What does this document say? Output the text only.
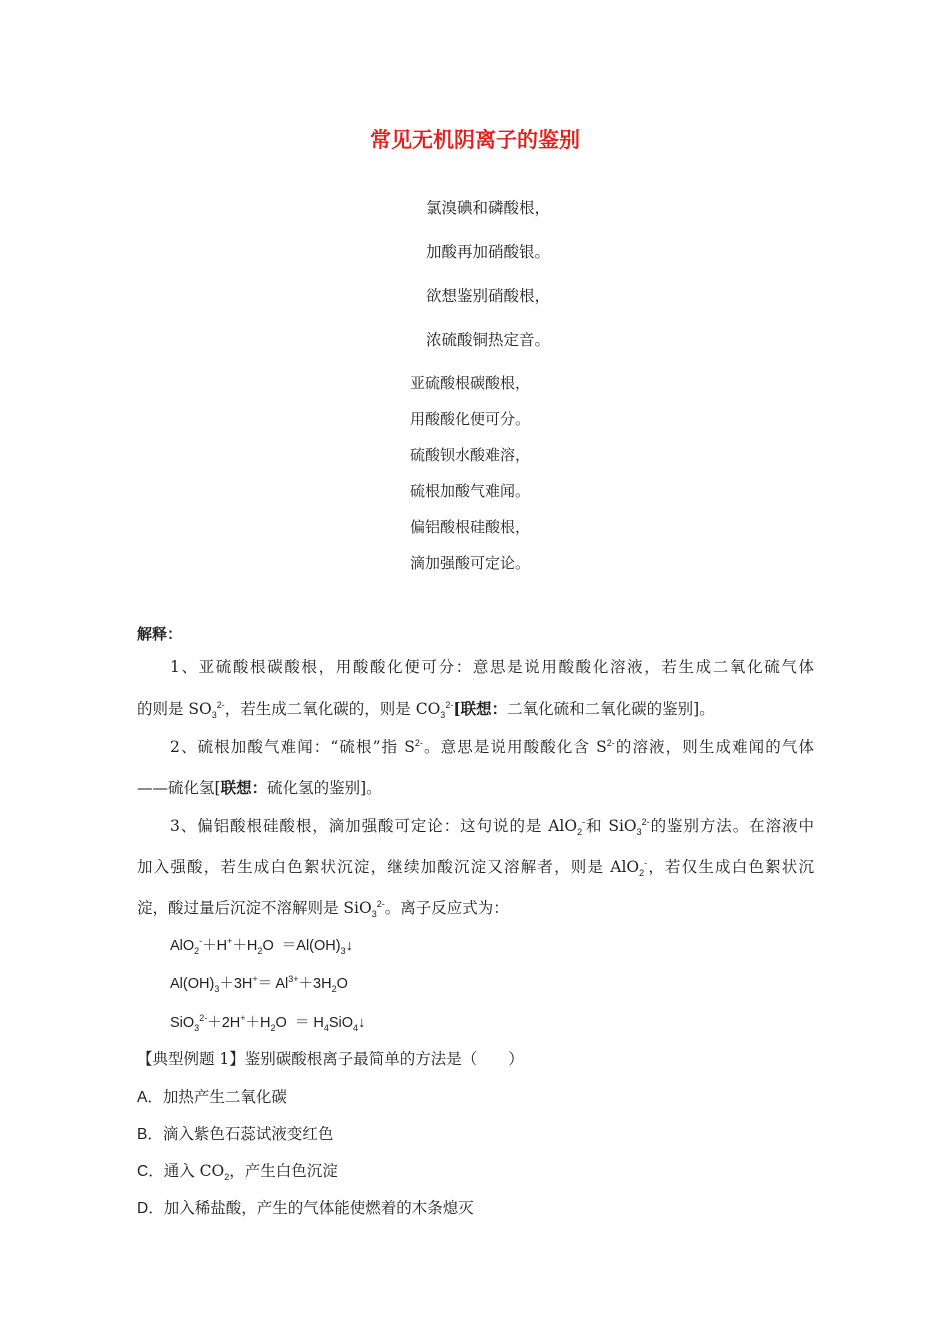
常见无机阴离子的鉴别
氯溴碘和磷酸根，
加酸再加硝酸银。
欲想鉴别硝酸根，
浓硫酸铜热定音。
亚硫酸根碳酸根，
用酸酸化便可分。
硫酸钡水酸难溶，
硫根加酸气难闻。
偏铝酸根硅酸根，
滴加强酸可定论。
解释：
1、亚硫酸根碳酸根，用酸酸化便可分：意思是说用酸酸化溶液，若生成二氧化硫气体
的则是 $SO_3^{2-}$，若生成二氧化碳的，则是 $CO_3^{2-}$[联想：二氧化硫和二氧化碳的鉴别]。
2、硫根加酸气难闻：“硫根”指 $S^{2-}$。意思是说用酸酸化含 $S^{2-}$的溶液，则生成难闻的气体
——硫化氢[联想：硫化氢的鉴别]。
3、偏铝酸根硅酸根，滴加强酸可定论：这句说的是 AlO$_2$-和 SiO$_3^{2-}$的鉴别方法。在溶液中
加入强酸，若生成白色絮状沉淀，继续加酸沉淀又溶解者，则是 AlO$_2$-，若仅生成白色絮状沉
淀，酸过量后沉淀不溶解则是 SiO$_3^{2-}$。离子反应式为：
$AlO_2^-+H^++H_2O$  $=Al(OH)_3↓$
$Al(OH)_3+3H^+= Al^{3+}+3H_2O$
$SiO_3^{2-}+2H^++H_2O$  ＝ $H_4SiO_4↓$
【典型例题 1】鉴别碳酸根离子最简单的方法是（　　）
A．加热产生二氧化碳
B．滴入紫色石蕊试液变红色
C．通入 $CO_2$，产生白色沉淀
D．加入稀盐酸，产生的气体能使燃着的木条熄灭
